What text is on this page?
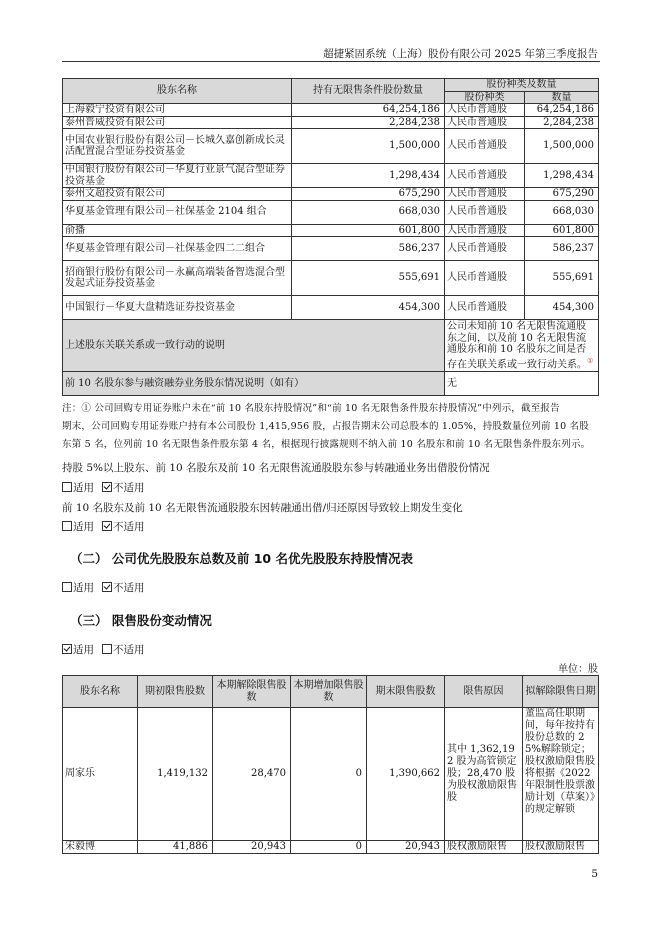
超捷紧固系统（上海）股份有限公司 2025 年第三季度报告
股东名称	持有无限售条件股份数量	股份种类及数量	
		股份种类	数量
上海毅宁投资有限公司	64,254,186	人民币普通股	64,254,186
泰州晋威投资有限公司	2,284,238	人民币普通股	2,284,238
中国农业银行股份有限公司－长城久嘉创新成长灵活配置混合型证券投资基金	1,500,000	人民币普通股	1,500,000
中国银行股份有限公司－华夏行业景气混合型证券投资基金	1,298,434	人民币普通股	1,298,434
泰州文超投资有限公司	675,290	人民币普通股	675,290
华夏基金管理有限公司－社保基金 2104 组合	668,030	人民币普通股	668,030
俞播	601,800	人民币普通股	601,800
华夏基金管理有限公司－社保基金四二二组合	586,237	人民币普通股	586,237
招商银行股份有限公司－永赢高端装备智选混合型发起式证券投资基金	555,691	人民币普通股	555,691
中国银行－华夏大盘精选证券投资基金	454,300	人民币普通股	454,300
上述股东关联关系或一致行动的说明		公司未知前 10 名无限售流通股东之间，以及前 10 名无限售流通股东和前 10 名股东之间是否存在关联关系或一致行动关系。①
前 10 名股东参与融资融券业务股东情况说明（如有）		无	
注：① 公司回购专用证券账户未在“前 10 名股东持股情况”和“前 10 名无限售条件股东持股情况”中列示，截至报告
期末，公司回购专用证券账户持有本公司股份 1,415,956 股，占报告期末公司总股本的 1.05%，持股数量位列前 10 名股
东第 5 名，位列前 10 名无限售条件股东第 4 名，根据现行披露规则不纳入前 10 名股东和前 10 名无限售条件股东列示。
持股 5%以上股东、前 10 名股东及前 10 名无限售流通股股东参与转融通业务出借股份情况
适用 不适用
前 10 名股东及前 10 名无限售流通股股东因转融通出借/归还原因导致较上期发生变化
适用 不适用
（二） 公司优先股股东总数及前 10 名优先股股东持股情况表
适用 不适用
（三） 限售股份变动情况
适用 不适用
单位：股
股东名称	期初限售股数	本期解除限售股数	本期增加限售股数	期末限售股数	限售原因	拟解除限售日期
周家乐	1,419,132	28,470	0	1,390,662	其中 1,362,192 股为高管锁定股；28,470 股为股权激励限售股	董监高任职期间，每年按持有股份总数的 25%解除锁定；股权激励限售股将根据《2022 年限制性股票激励计划（草案）》的规定解锁
宋毅博	41,886	20,943	0	20,943	股权激励限售	股权激励限售
5
